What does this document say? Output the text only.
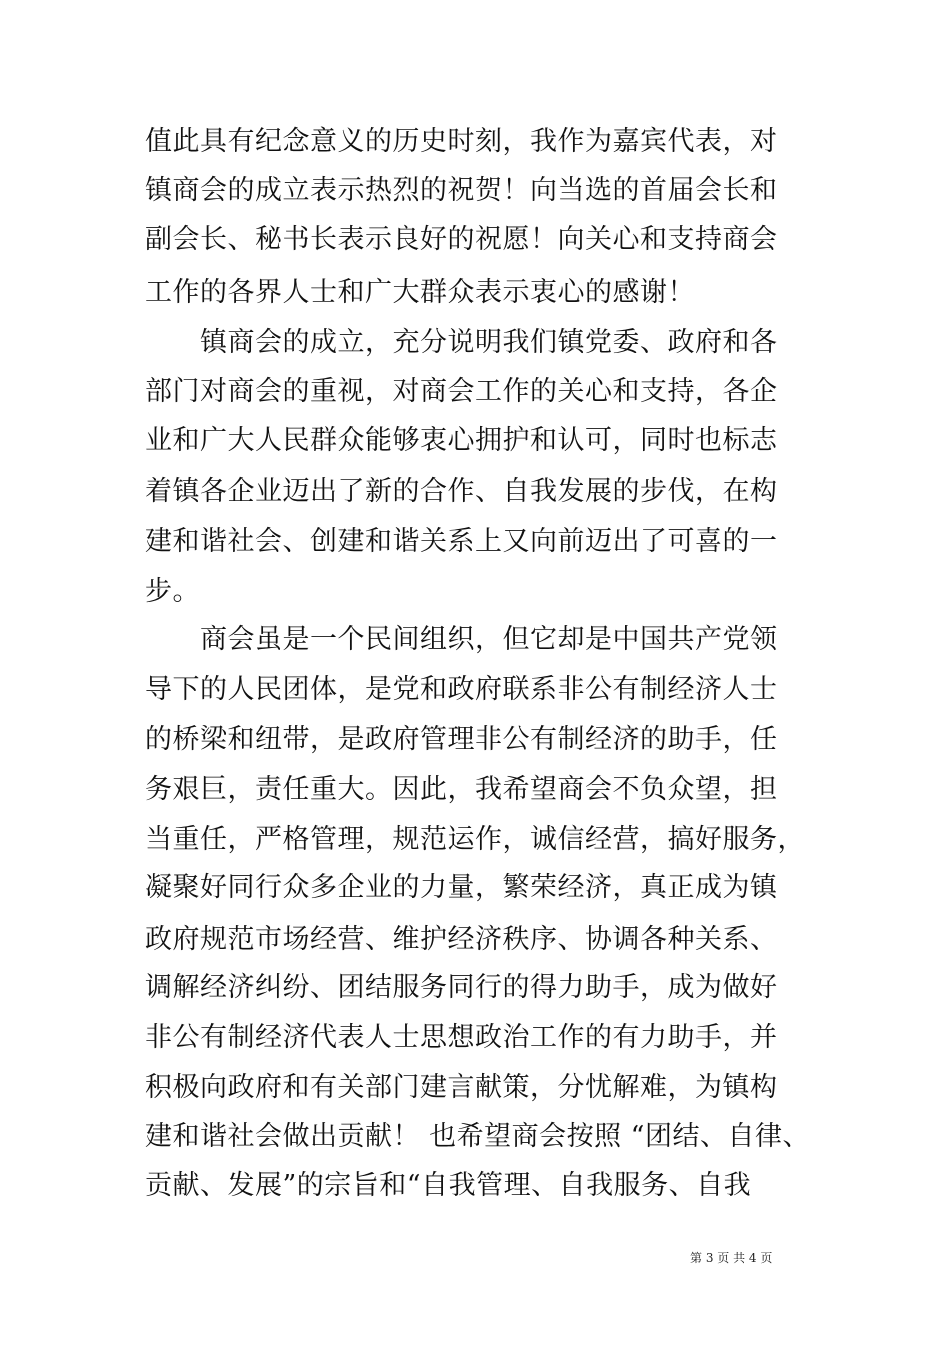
值此具有纪念意义的历史时刻，我作为嘉宾代表，对
镇商会的成立表示热烈的祝贺！向当选的首届会长和
副会长、秘书长表示良好的祝愿！向关心和支持商会
工作的各界人士和广大群众表示衷心的感谢！
　　镇商会的成立，充分说明我们镇党委、政府和各
部门对商会的重视，对商会工作的关心和支持，各企
业和广大人民群众能够衷心拥护和认可，同时也标志
着镇各企业迈出了新的合作、自我发展的步伐，在构
建和谐社会、创建和谐关系上又向前迈出了可喜的一
步。
　　商会虽是一个民间组织，但它却是中国共产党领
导下的人民团体，是党和政府联系非公有制经济人士
的桥梁和纽带，是政府管理非公有制经济的助手，任
务艰巨，责任重大。因此，我希望商会不负众望，担
当重任，严格管理，规范运作，诚信经营，搞好服务，
凝聚好同行众多企业的力量，繁荣经济，真正成为镇
政府规范市场经营、维护经济秩序、协调各种关系、
调解经济纠纷、团结服务同行的得力助手，成为做好
非公有制经济代表人士思想政治工作的有力助手，并
积极向政府和有关部门建言献策，分忧解难，为镇构
建和谐社会做出贡献！ 也希望商会按照 “团结、自律、
贡献、发展”的宗旨和“自我管理、自我服务、自我
第 3 页 共 4 页
